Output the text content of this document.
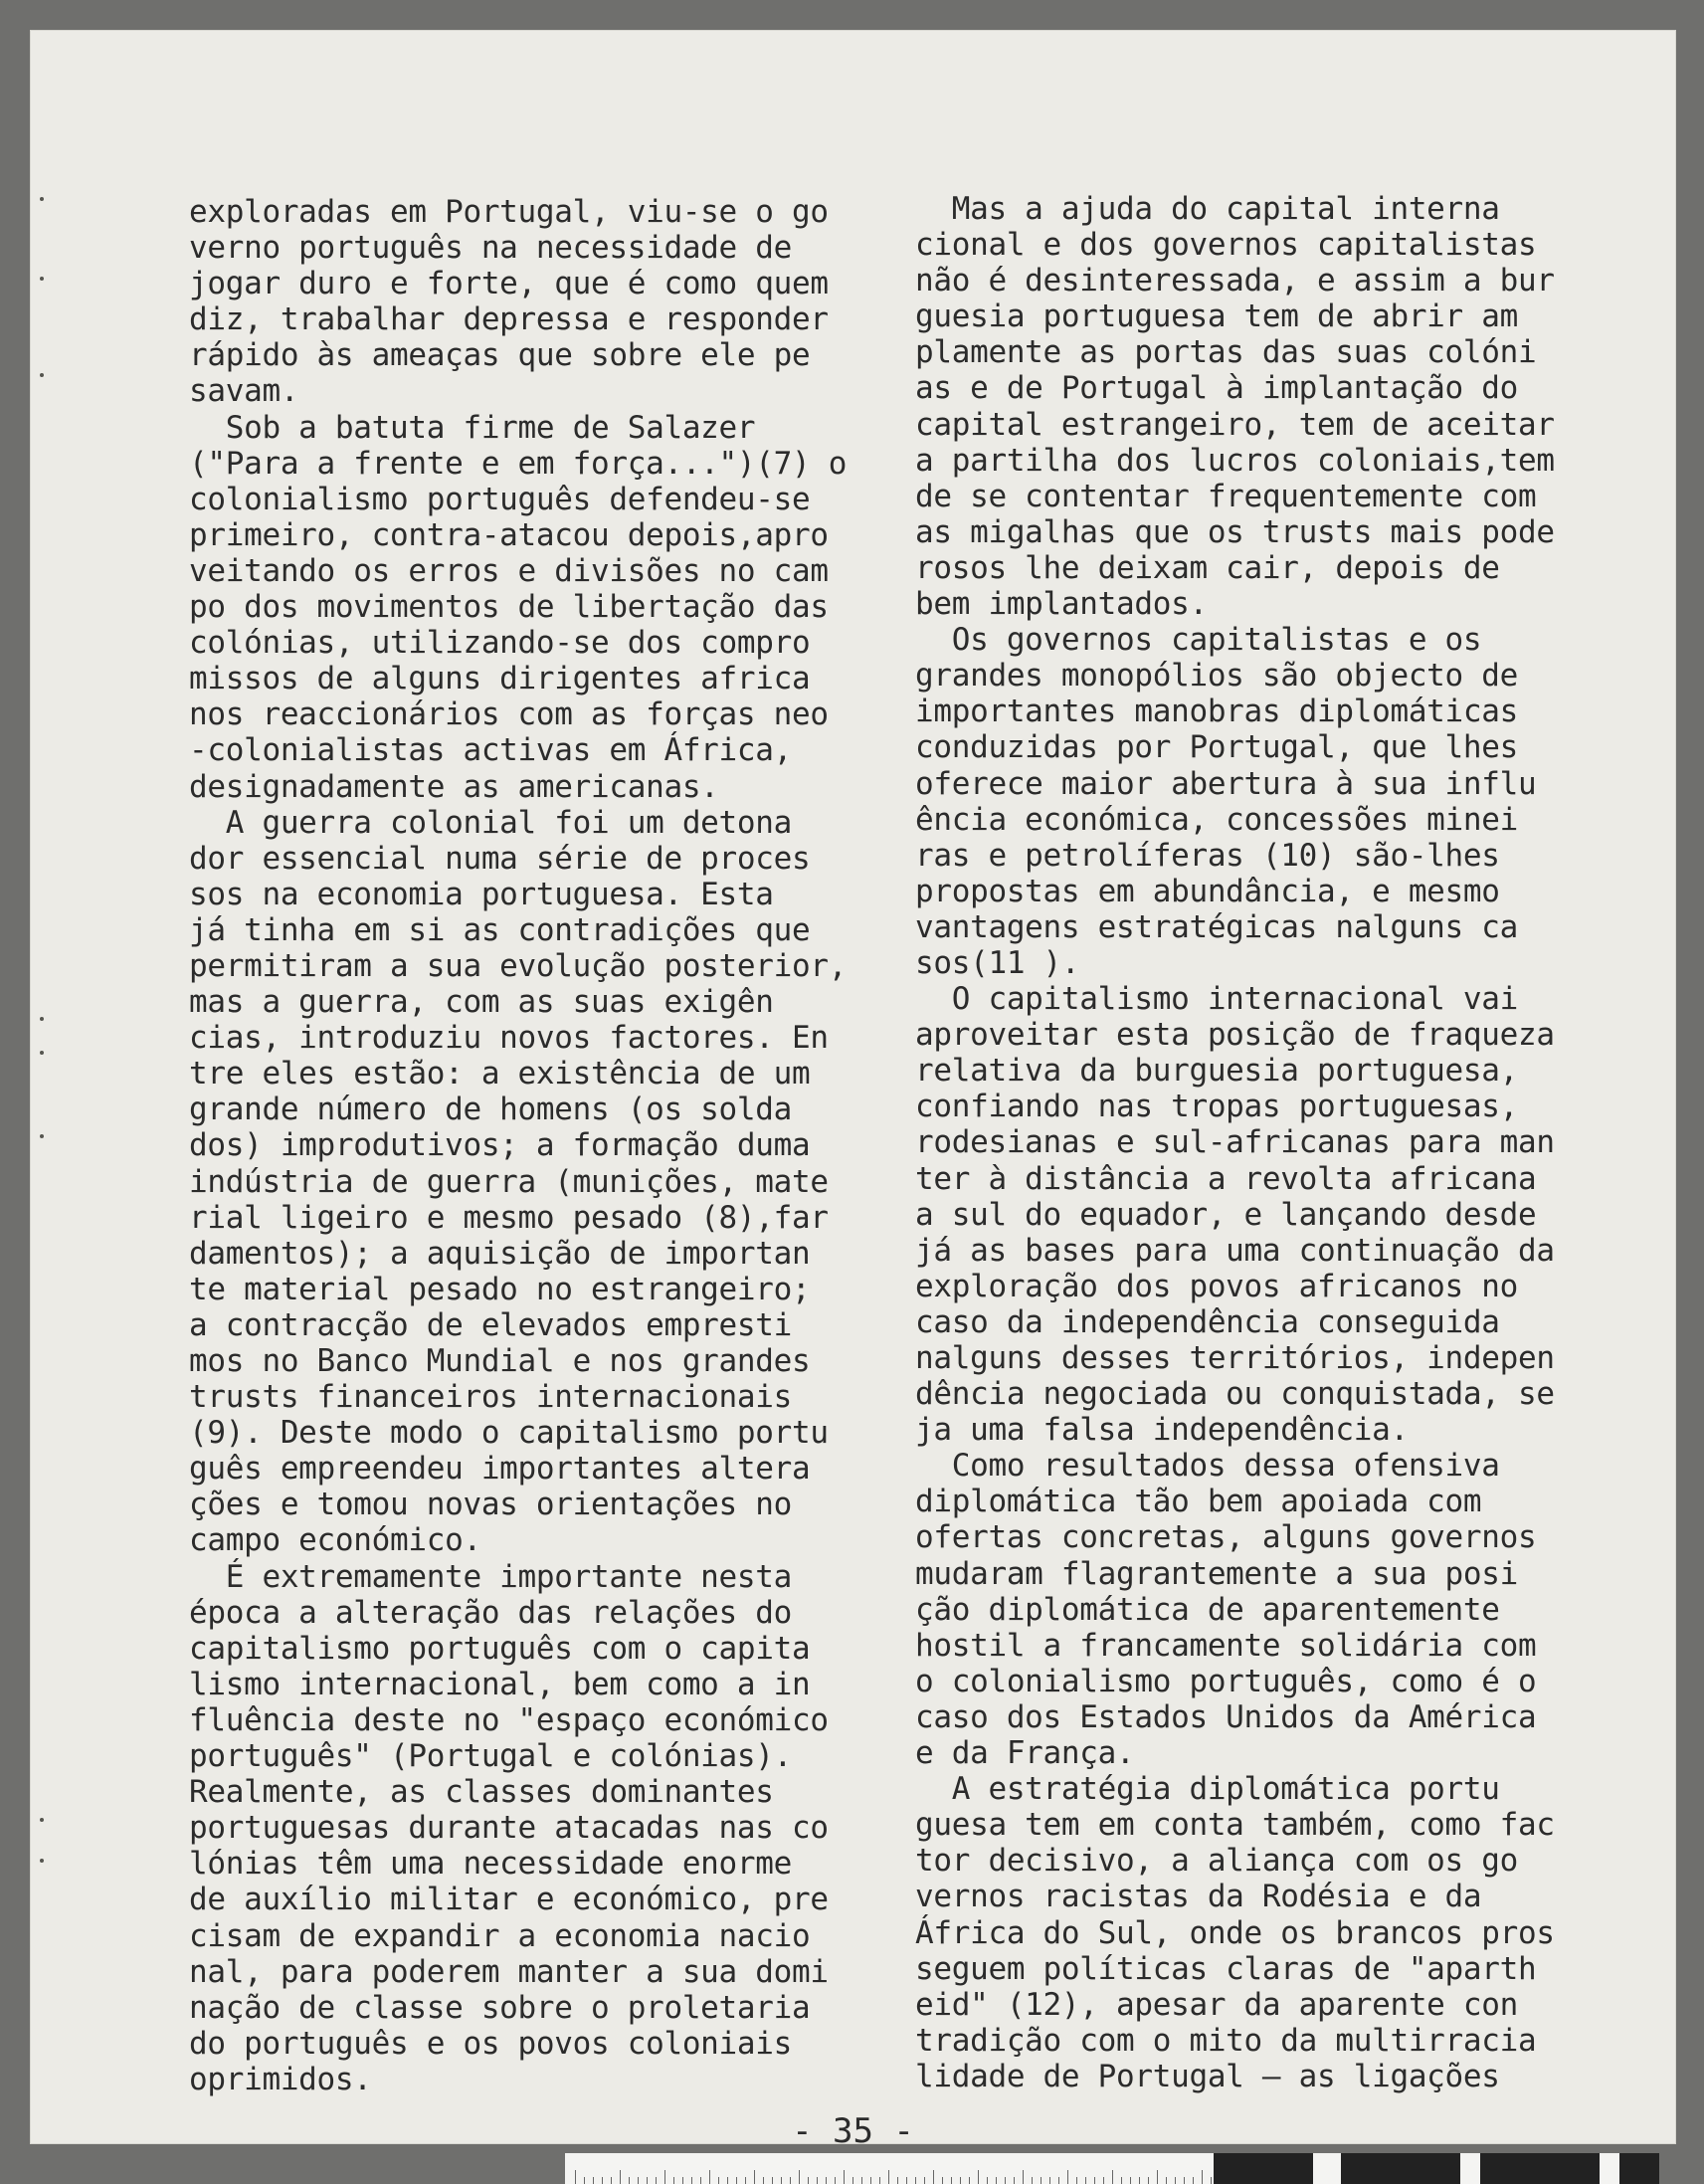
exploradas em Portugal, viu-se o go
verno português na necessidade de
jogar duro e forte, que é como quem
diz, trabalhar depressa e responder
rápido às ameaças que sobre ele pe
savam.
Sob a batuta firme de Salazer
("Para a frente e em força...")(7) o
colonialismo português defendeu-se
primeiro, contra-atacou depois,apro
veitando os erros e divisões no cam
po dos movimentos de libertação das
colónias, utilizando-se dos compro
missos de alguns dirigentes africa
nos reaccionários com as forças neo
-colonialistas activas em África,
designadamente as americanas.
A guerra colonial foi um detona
dor essencial numa série de proces
sos na economia portuguesa. Esta
já tinha em si as contradições que
permitiram a sua evolução posterior,
mas a guerra, com as suas exigên
cias, introduziu novos factores. En
tre eles estão: a existência de um
grande número de homens (os solda
dos) improdutivos; a formação duma
indústria de guerra (munições, mate
rial ligeiro e mesmo pesado (8),far
damentos); a aquisição de importan
te material pesado no estrangeiro;
a contracção de elevados empresti
mos no Banco Mundial e nos grandes
trusts financeiros internacionais
(9). Deste modo o capitalismo portu
guês empreendeu importantes altera
ções e tomou novas orientações no
campo económico.
É extremamente importante nesta
época a alteração das relações do
capitalismo português com o capita
lismo internacional, bem como a in
fluência deste no "espaço económico
português" (Portugal e colónias).
Realmente, as classes dominantes
portuguesas durante atacadas nas co
lónias têm uma necessidade enorme
de auxílio militar e económico, pre
cisam de expandir a economia nacio
nal, para poderem manter a sua domi
nação de classe sobre o proletaria
do português e os povos coloniais
oprimidos.
Mas a ajuda do capital interna
cional e dos governos capitalistas
não é desinteressada, e assim a bur
guesia portuguesa tem de abrir am
plamente as portas das suas colóni
as e de Portugal à implantação do
capital estrangeiro, tem de aceitar
a partilha dos lucros coloniais,tem
de se contentar frequentemente com
as migalhas que os trusts mais pode
rosos lhe deixam cair, depois de
bem implantados.
Os governos capitalistas e os
grandes monopólios são objecto de
importantes manobras diplomáticas
conduzidas por Portugal, que lhes
oferece maior abertura à sua influ
ência económica, concessões minei
ras e petrolíferas (10) são-lhes
propostas em abundância, e mesmo
vantagens estratégicas nalguns ca
sos(11 ).
O capitalismo internacional vai
aproveitar esta posição de fraqueza
relativa da burguesia portuguesa,
confiando nas tropas portuguesas,
rodesianas e sul-africanas para man
ter à distância a revolta africana
a sul do equador, e lançando desde
já as bases para uma continuação da
exploração dos povos africanos no
caso da independência conseguida
nalguns desses territórios, indepen
dência negociada ou conquistada, se
ja uma falsa independência.
Como resultados dessa ofensiva
diplomática tão bem apoiada com
ofertas concretas, alguns governos
mudaram flagrantemente a sua posi
ção diplomática de aparentemente
hostil a francamente solidária com
o colonialismo português, como é o
caso dos Estados Unidos da América
e da França.
A estratégia diplomática portu
guesa tem em conta também, como fac
tor decisivo, a aliança com os go
vernos racistas da Rodésia e da
África do Sul, onde os brancos pros
seguem políticas claras de "aparth
eid" (12), apesar da aparente con
tradição com o mito da multirracia
lidade de Portugal — as ligações
- 35 -
